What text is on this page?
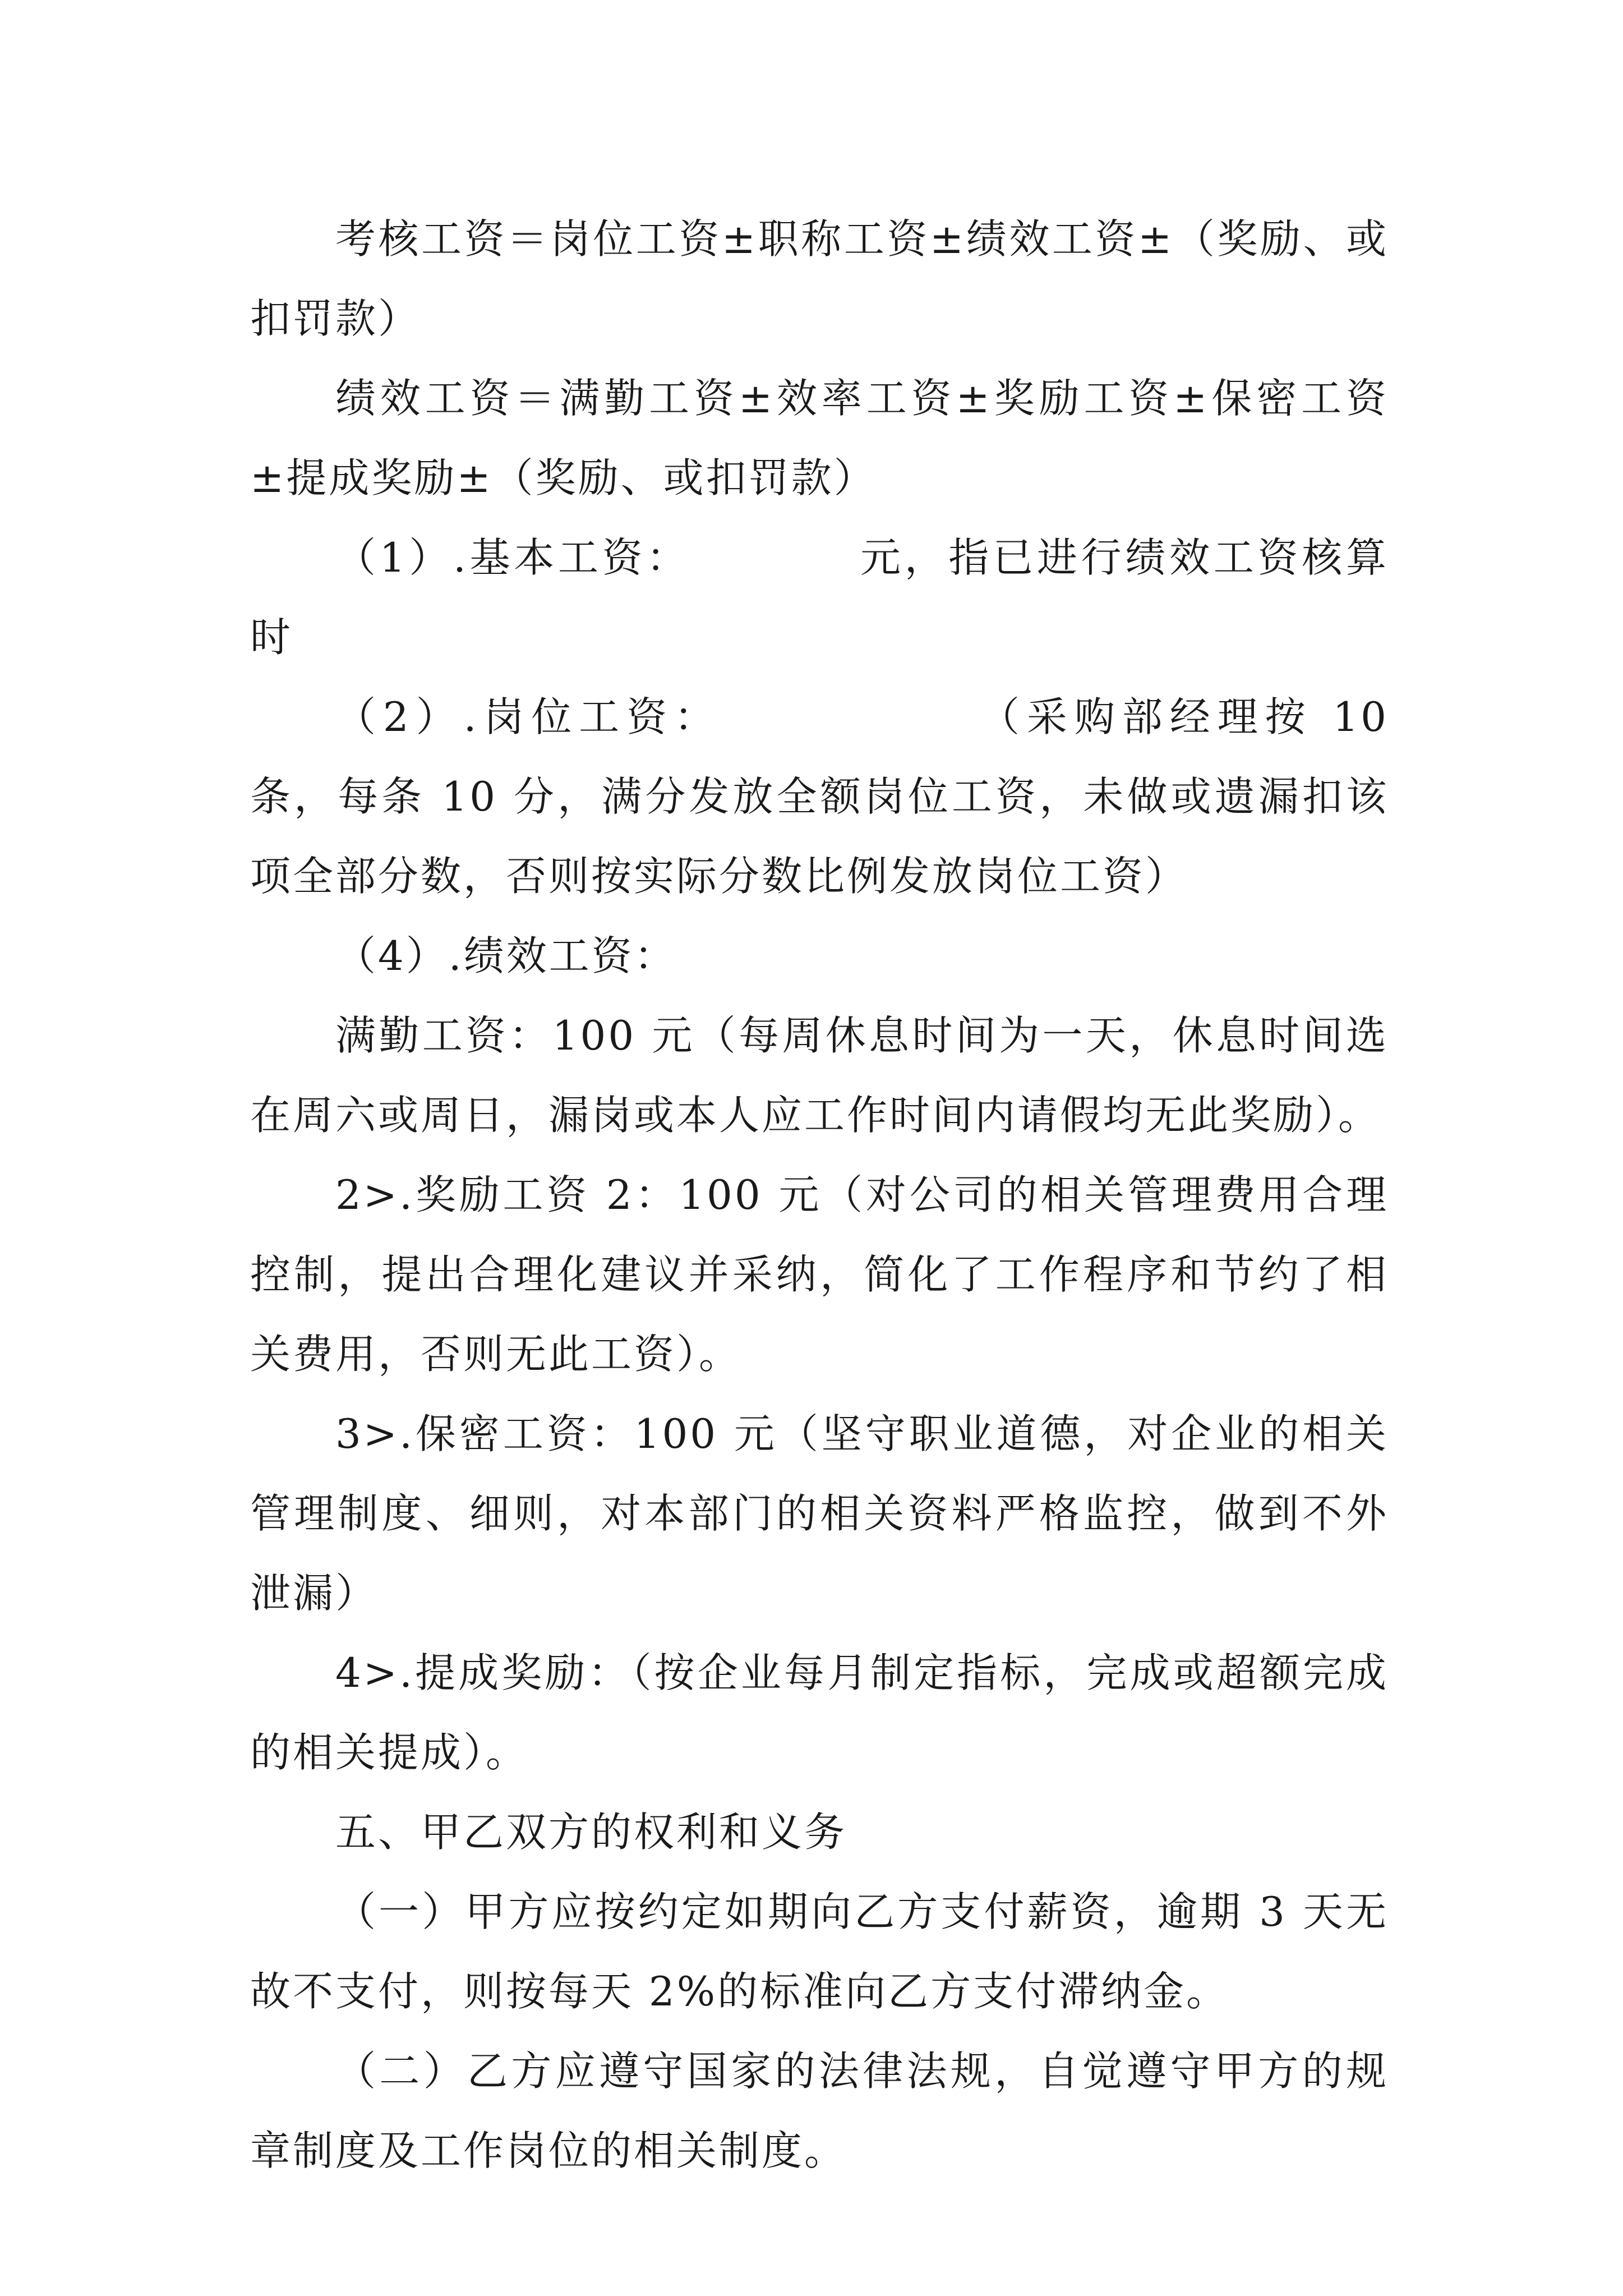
考核工资＝岗位工资±职称工资±绩效工资±（奖励、或扣罚款）

绩效工资＝满勤工资±效率工资±奖励工资±保密工资±提成奖励±（奖励、或扣罚款）

（1）.基本工资：	元，指已进行绩效工资核算时

（2）.岗位工资：	（采购部经理按 10 条，每条 10 分，满分发放全额岗位工资，未做或遗漏扣该项全部分数，否则按实际分数比例发放岗位工资）

（4）.绩效工资：

满勤工资：100 元（每周休息时间为一天，休息时间选在周六或周日，漏岗或本人应工作时间内请假均无此奖励）。

2>.奖励工资 2：100 元（对公司的相关管理费用合理控制，提出合理化建议并采纳，简化了工作程序和节约了相关费用，否则无此工资）。

3>.保密工资：100 元（坚守职业道德，对企业的相关管理制度、细则，对本部门的相关资料严格监控，做到不外泄漏）

4>.提成奖励：（按企业每月制定指标，完成或超额完成的相关提成）。

五、甲乙双方的权利和义务

（一）甲方应按约定如期向乙方支付薪资，逾期 3 天无故不支付，则按每天 2%的标准向乙方支付滞纳金。

（二）乙方应遵守国家的法律法规，自觉遵守甲方的规章制度及工作岗位的相关制度。
